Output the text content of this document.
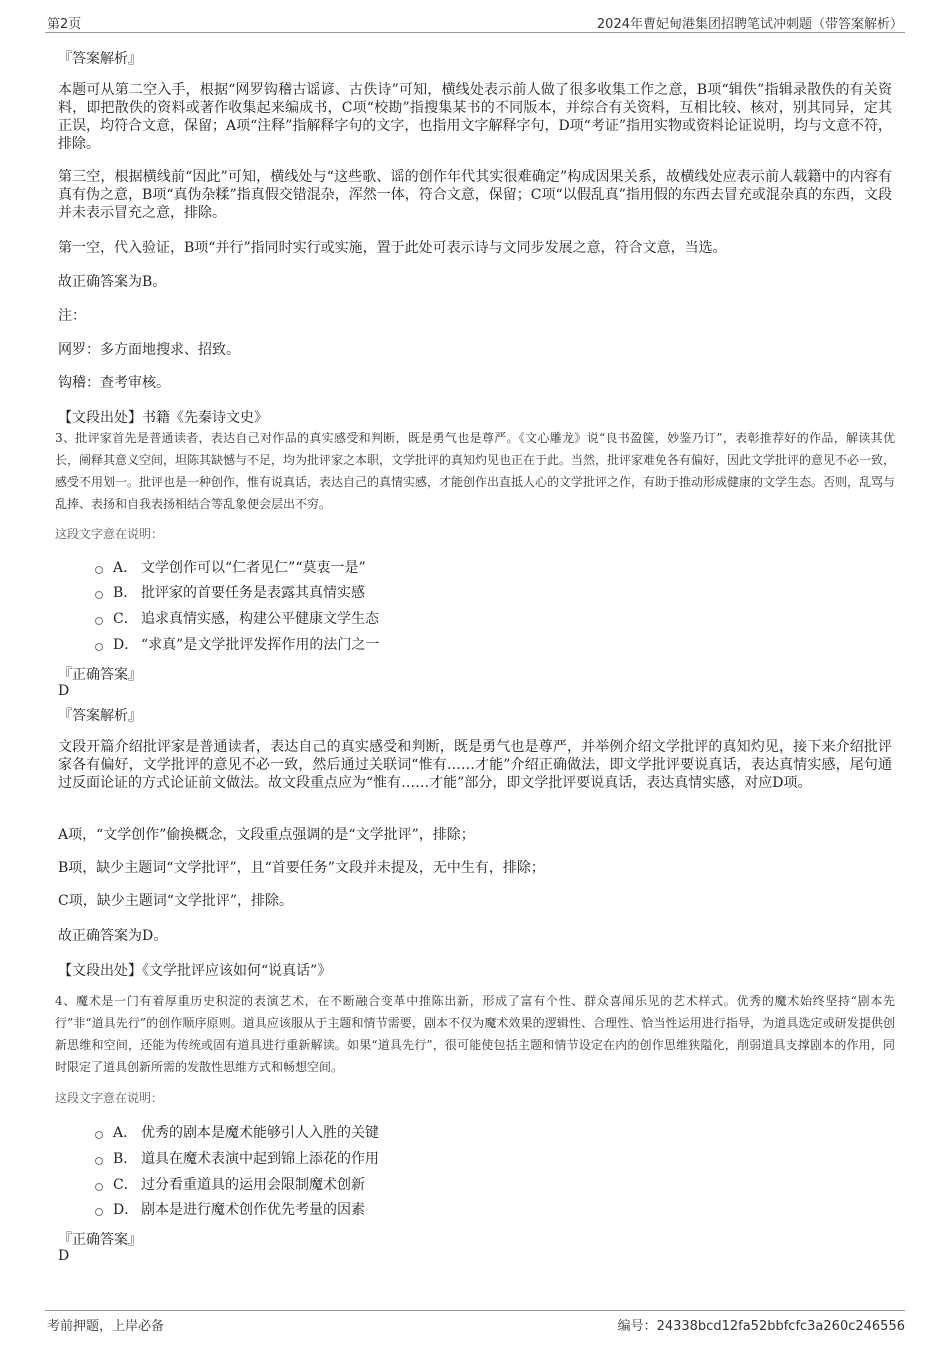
第2页	2024年曹妃甸港集团招聘笔试冲刺题（带答案解析）
『答案解析』
本题可从第二空入手，根据“网罗钩稽古谣谚、古佚诗”可知，横线处表示前人做了很多收集工作之意，B项“辑佚”指辑录散佚的有关资料，即把散佚的资料或著作收集起来编成书，C项“校勘”指搜集某书的不同版本，并综合有关资料，互相比较、核对，别其同异，定其正误，均符合文意，保留；A项“注释”指解释字句的文字，也指用文字解释字句，D项“考证”指用实物或资料论证说明，均与文意不符，排除。
第三空，根据横线前“因此”可知，横线处与“这些歌、谣的创作年代其实很难确定”构成因果关系，故横线处应表示前人载籍中的内容有真有伪之意，B项“真伪杂糅”指真假交错混杂，浑然一体，符合文意，保留；C项“以假乱真”指用假的东西去冒充或混杂真的东西，文段并未表示冒充之意，排除。
第一空，代入验证，B项“并行”指同时实行或实施，置于此处可表示诗与文同步发展之意，符合文意，当选。
故正确答案为B。
注：
网罗：多方面地搜求、招致。
钩稽：查考审核。
【文段出处】书籍《先秦诗文史》
3、批评家首先是普通读者，表达自己对作品的真实感受和判断，既是勇气也是尊严。《文心雕龙》说“良书盈箧，妙鉴乃订”，表彰推荐好的作品，解读其优长，阐释其意义空间，坦陈其缺憾与不足，均为批评家之本职，文学批评的真知灼见也正在于此。当然，批评家难免各有偏好，因此文学批评的意见不必一致，感受不用划一。批评也是一种创作，惟有说真话，表达自己的真情实感，才能创作出直抵人心的文学批评之作，有助于推动形成健康的文学生态。否则，乱骂与乱捧、表扬和自我表扬相结合等乱象便会层出不穷。
这段文字意在说明：
A． 文学创作可以“仁者见仁”“莫衷一是”
B． 批评家的首要任务是表露其真情实感
C． 追求真情实感，构建公平健康文学生态
D． “求真”是文学批评发挥作用的法门之一
『正确答案』
D
『答案解析』
文段开篇介绍批评家是普通读者，表达自己的真实感受和判断，既是勇气也是尊严，并举例介绍文学批评的真知灼见，接下来介绍批评家各有偏好，文学批评的意见不必一致，然后通过关联词“惟有……才能”介绍正确做法，即文学批评要说真话，表达真情实感，尾句通过反面论证的方式论证前文做法。故文段重点应为“惟有……才能”部分，即文学批评要说真话，表达真情实感，对应D项。
A项，“文学创作”偷换概念，文段重点强调的是“文学批评”，排除；
B项，缺少主题词“文学批评”，且“首要任务”文段并未提及，无中生有，排除；
C项，缺少主题词“文学批评”，排除。
故正确答案为D。
【文段出处】《文学批评应该如何“说真话”》
4、魔术是一门有着厚重历史积淀的表演艺术，在不断融合变革中推陈出新，形成了富有个性、群众喜闻乐见的艺术样式。优秀的魔术始终坚持“剧本先行”非“道具先行”的创作顺序原则。道具应该服从于主题和情节需要，剧本不仅为魔术效果的逻辑性、合理性、恰当性运用进行指导，为道具选定或研发提供创新思维和空间，还能为传统或固有道具进行重新解读。如果“道具先行”，很可能使包括主题和情节设定在内的创作思维狭隘化，削弱道具支撑剧本的作用，同时限定了道具创新所需的发散性思维方式和畅想空间。
这段文字意在说明：
A． 优秀的剧本是魔术能够引人入胜的关键
B． 道具在魔术表演中起到锦上添花的作用
C． 过分看重道具的运用会限制魔术创新
D． 剧本是进行魔术创作优先考量的因素
『正确答案』
D
考前押题，上岸必备	编号：24338bcd12fa52bbfcfc3a260c246556
